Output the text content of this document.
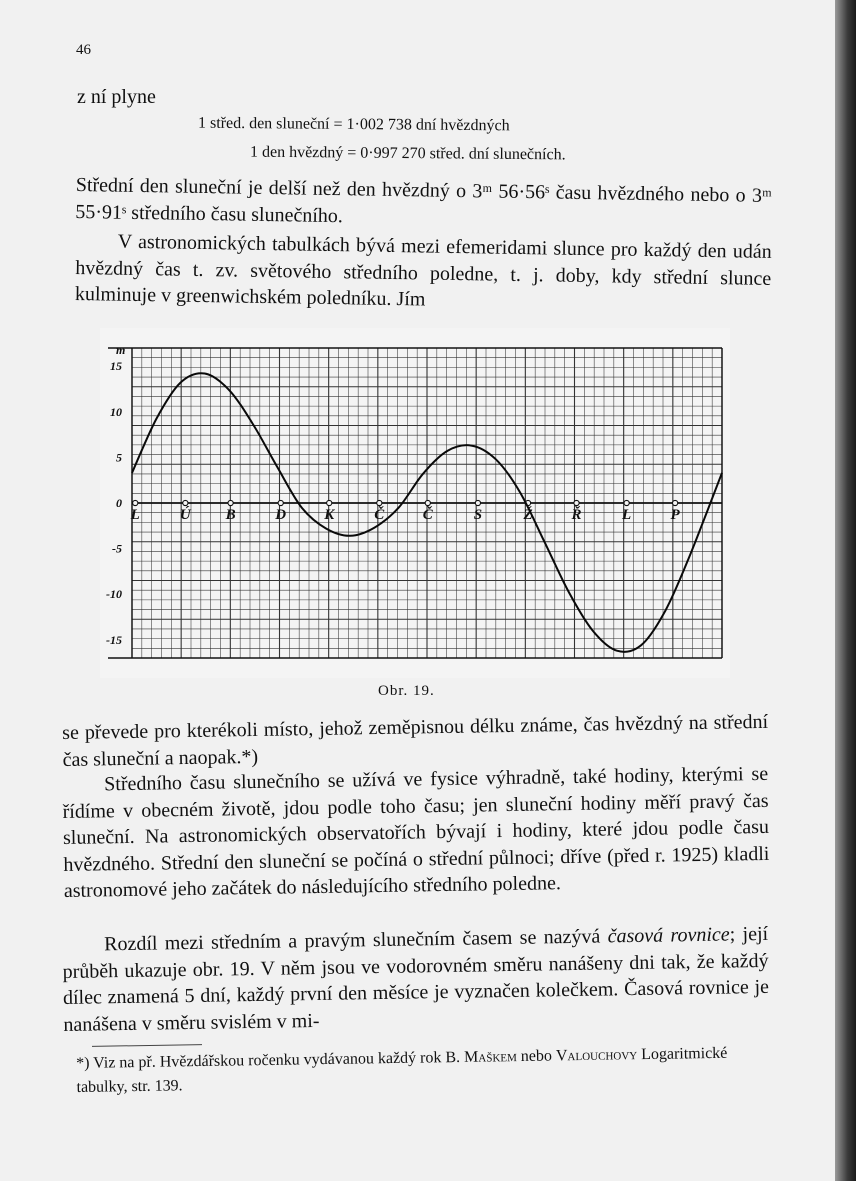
46
z ní plyne
1 střed. den sluneční = 1·002 738 dní hvězdných
1 den hvězdný = 0·997 270 střed. dní slunečních.
Střední den sluneční je delší než den hvězdný o 3ᵐ 56·56ˢ času hvězdného nebo o 3ᵐ 55·91ˢ středního času slunečního.
V astronomických tabulkách bývá mezi efemeridami slunce pro každý den udán hvězdný čas t. zv. světového středního poledne, t. j. doby, kdy střední slunce kulminuje v greenwichském poledníku. Jím
m
15
10
5
0
-5
-10
-15
L	Ú B	D	K	Č	Č	S	Ž	Ř	L	P
Obr. 19.
se převede pro kterékoli místo, jehož zeměpisnou délku známe, čas hvězdný na střední čas sluneční a naopak.*)
Středního času slunečního se užívá ve fysice výhradně, také hodiny, kterými se řídíme v obecném životě, jdou podle toho času; jen sluneční hodiny měří pravý čas sluneční. Na astronomických observatořích bývají i hodiny, které jdou podle času hvězdného. Střední den sluneční se počíná o střední půlnoci; dříve (před r. 1925) kladli astronomové jeho začátek do následujícího středního poledne.
Rozdíl mezi středním a pravým slunečním časem se nazývá časová rovnice; její průběh ukazuje obr. 19. V něm jsou ve vodorovném směru nanášeny dni tak, že každý dílec znamená 5 dní, každý první den měsíce je vyznačen kolečkem. Časová rovnice je nanášena v směru svislém v mi-
*) Viz na př. Hvězdářskou ročenku vydávanou každý rok B. Maškem nebo Valouchovy Logaritmické tabulky, str. 139.
